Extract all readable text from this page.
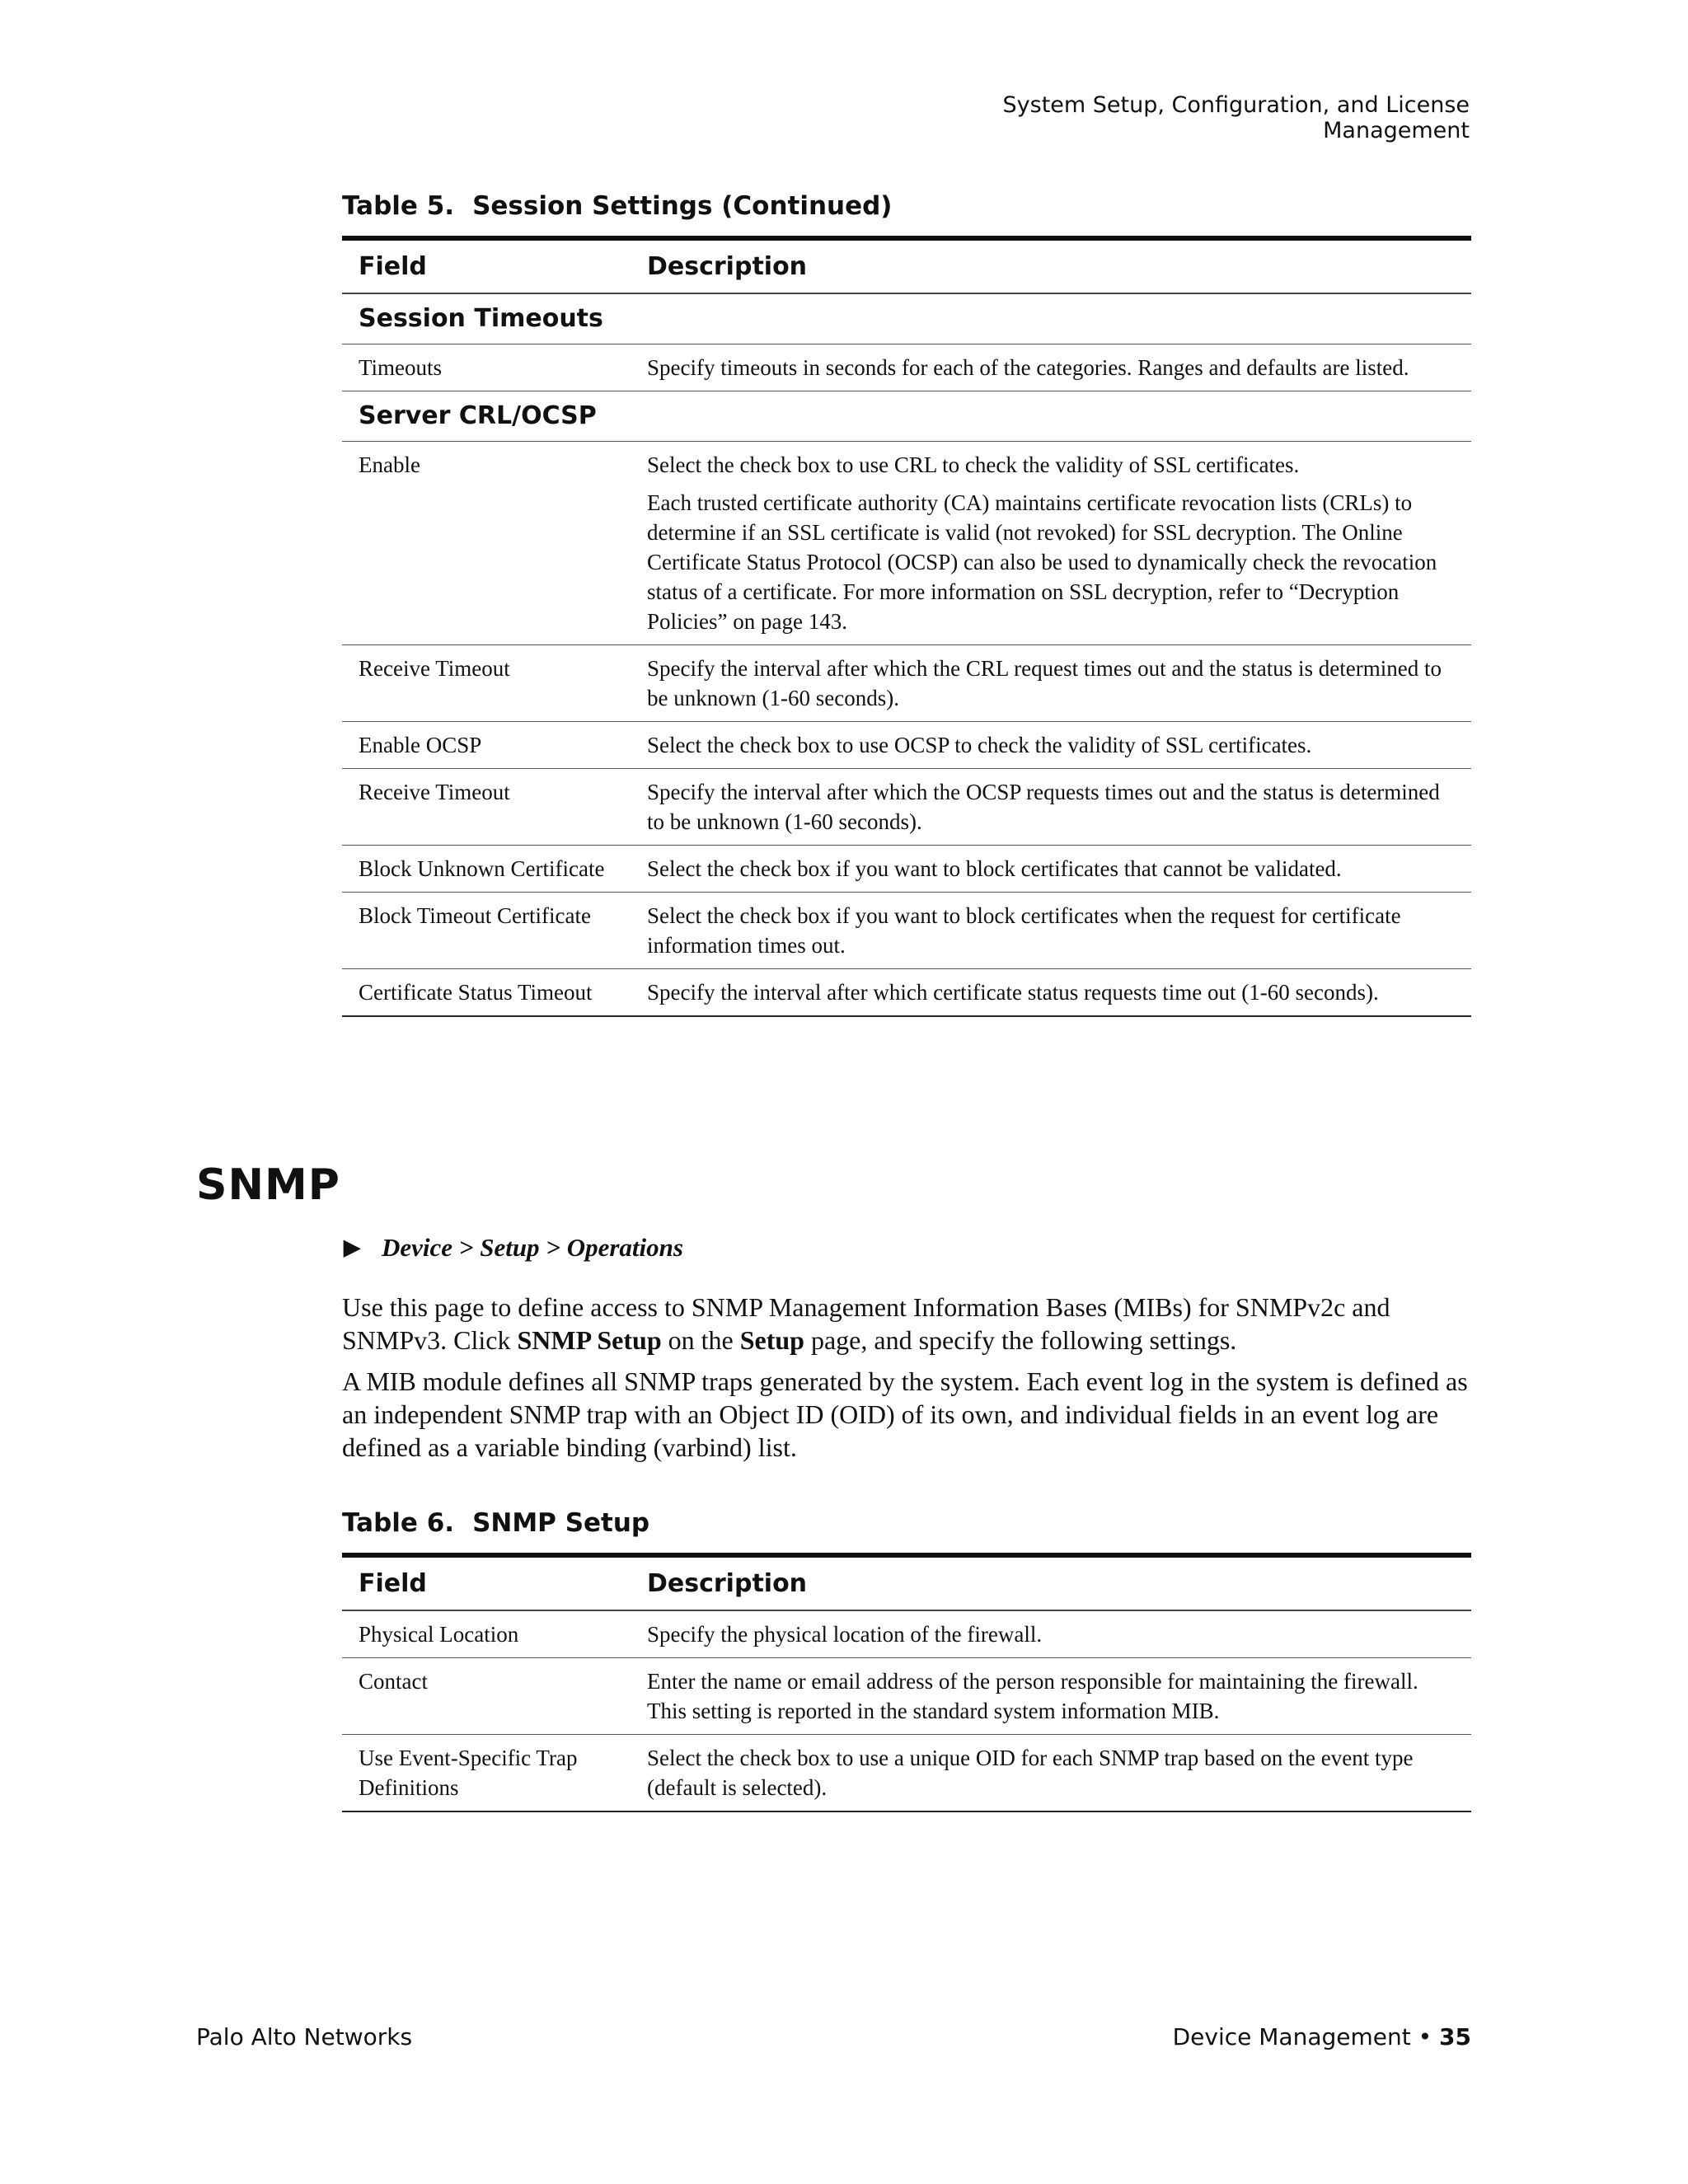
System Setup, Configuration, and License Management
Table 5. Session Settings (Continued)
Field	Description
Session Timeouts	
Timeouts	Specify timeouts in seconds for each of the categories. Ranges and defaults are listed.
Server CRL/OCSP	
Enable	Select the check box to use CRL to check the validity of SSL certificates.

Each trusted certificate authority (CA) maintains certificate revocation lists (CRLs) to determine if an SSL certificate is valid (not revoked) for SSL decryption. The Online Certificate Status Protocol (OCSP) can also be used to dynamically check the revocation status of a certificate. For more information on SSL decryption, refer to “Decryption Policies” on page 143.

Receive Timeout	Specify the interval after which the CRL request times out and the status is determined to be unknown (1-60 seconds).
Enable OCSP	Select the check box to use OCSP to check the validity of SSL certificates.
Receive Timeout	Specify the interval after which the OCSP requests times out and the status is determined to be unknown (1-60 seconds).
Block Unknown Certificate	Select the check box if you want to block certificates that cannot be validated.
Block Timeout Certificate	Select the check box if you want to block certificates when the request for certificate information times out.
Certificate Status Timeout	Specify the interval after which certificate status requests time out (1-60 seconds).
SNMP
▶ Device > Setup > Operations

Use this page to define access to SNMP Management Information Bases (MIBs) for SNMPv2c and SNMPv3. Click SNMP Setup on the Setup page, and specify the following settings.

A MIB module defines all SNMP traps generated by the system. Each event log in the system is defined as an independent SNMP trap with an Object ID (OID) of its own, and individual fields in an event log are defined as a variable binding (varbind) list.

Table 6. SNMP Setup
Field	Description
Physical Location	Specify the physical location of the firewall.
Contact	Enter the name or email address of the person responsible for maintaining the firewall. This setting is reported in the standard system information MIB.
Use Event-Specific Trap Definitions	Select the check box to use a unique OID for each SNMP trap based on the event type (default is selected).
Palo Alto Networks	Device Management • 35
